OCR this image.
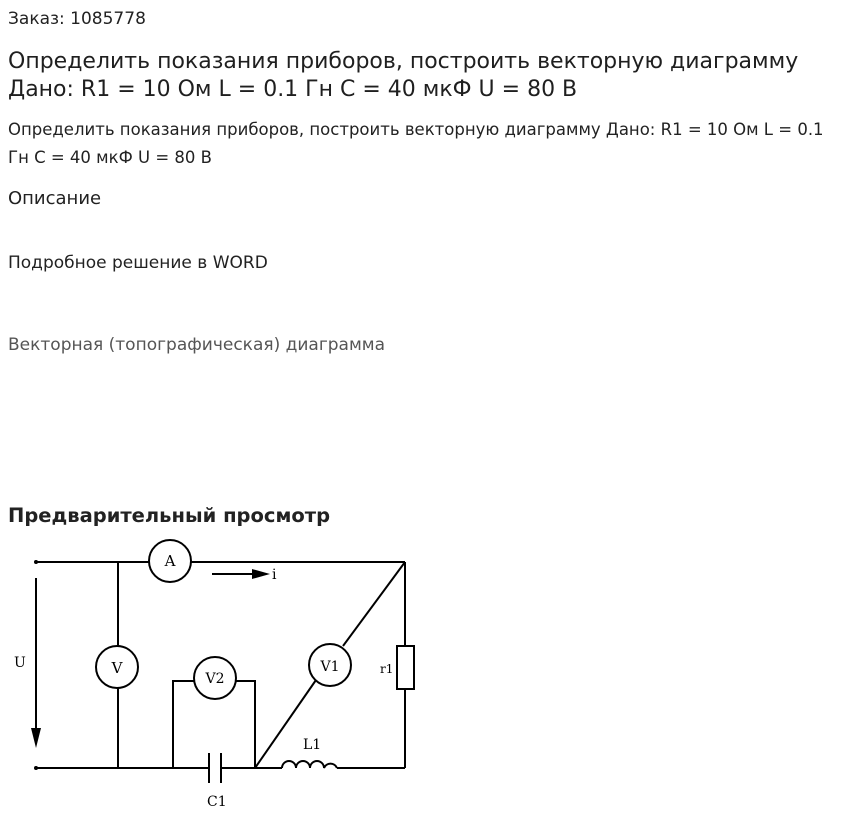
Заказ: 1085778
Определить показания приборов, построить векторную диаграмму Дано: R1 = 10 Ом L = 0.1 Гн C = 40 мкФ U = 80 В
Определить показания приборов, построить векторную диаграмму Дано: R1 = 10 Ом L = 0.1 Гн C = 40 мкФ U = 80 В
Описание
Подробное решение в WORD
Векторная (топографическая) диаграмма
Предварительный просмотр
A
V
V2
V1
i
U	r1
L1
C1
